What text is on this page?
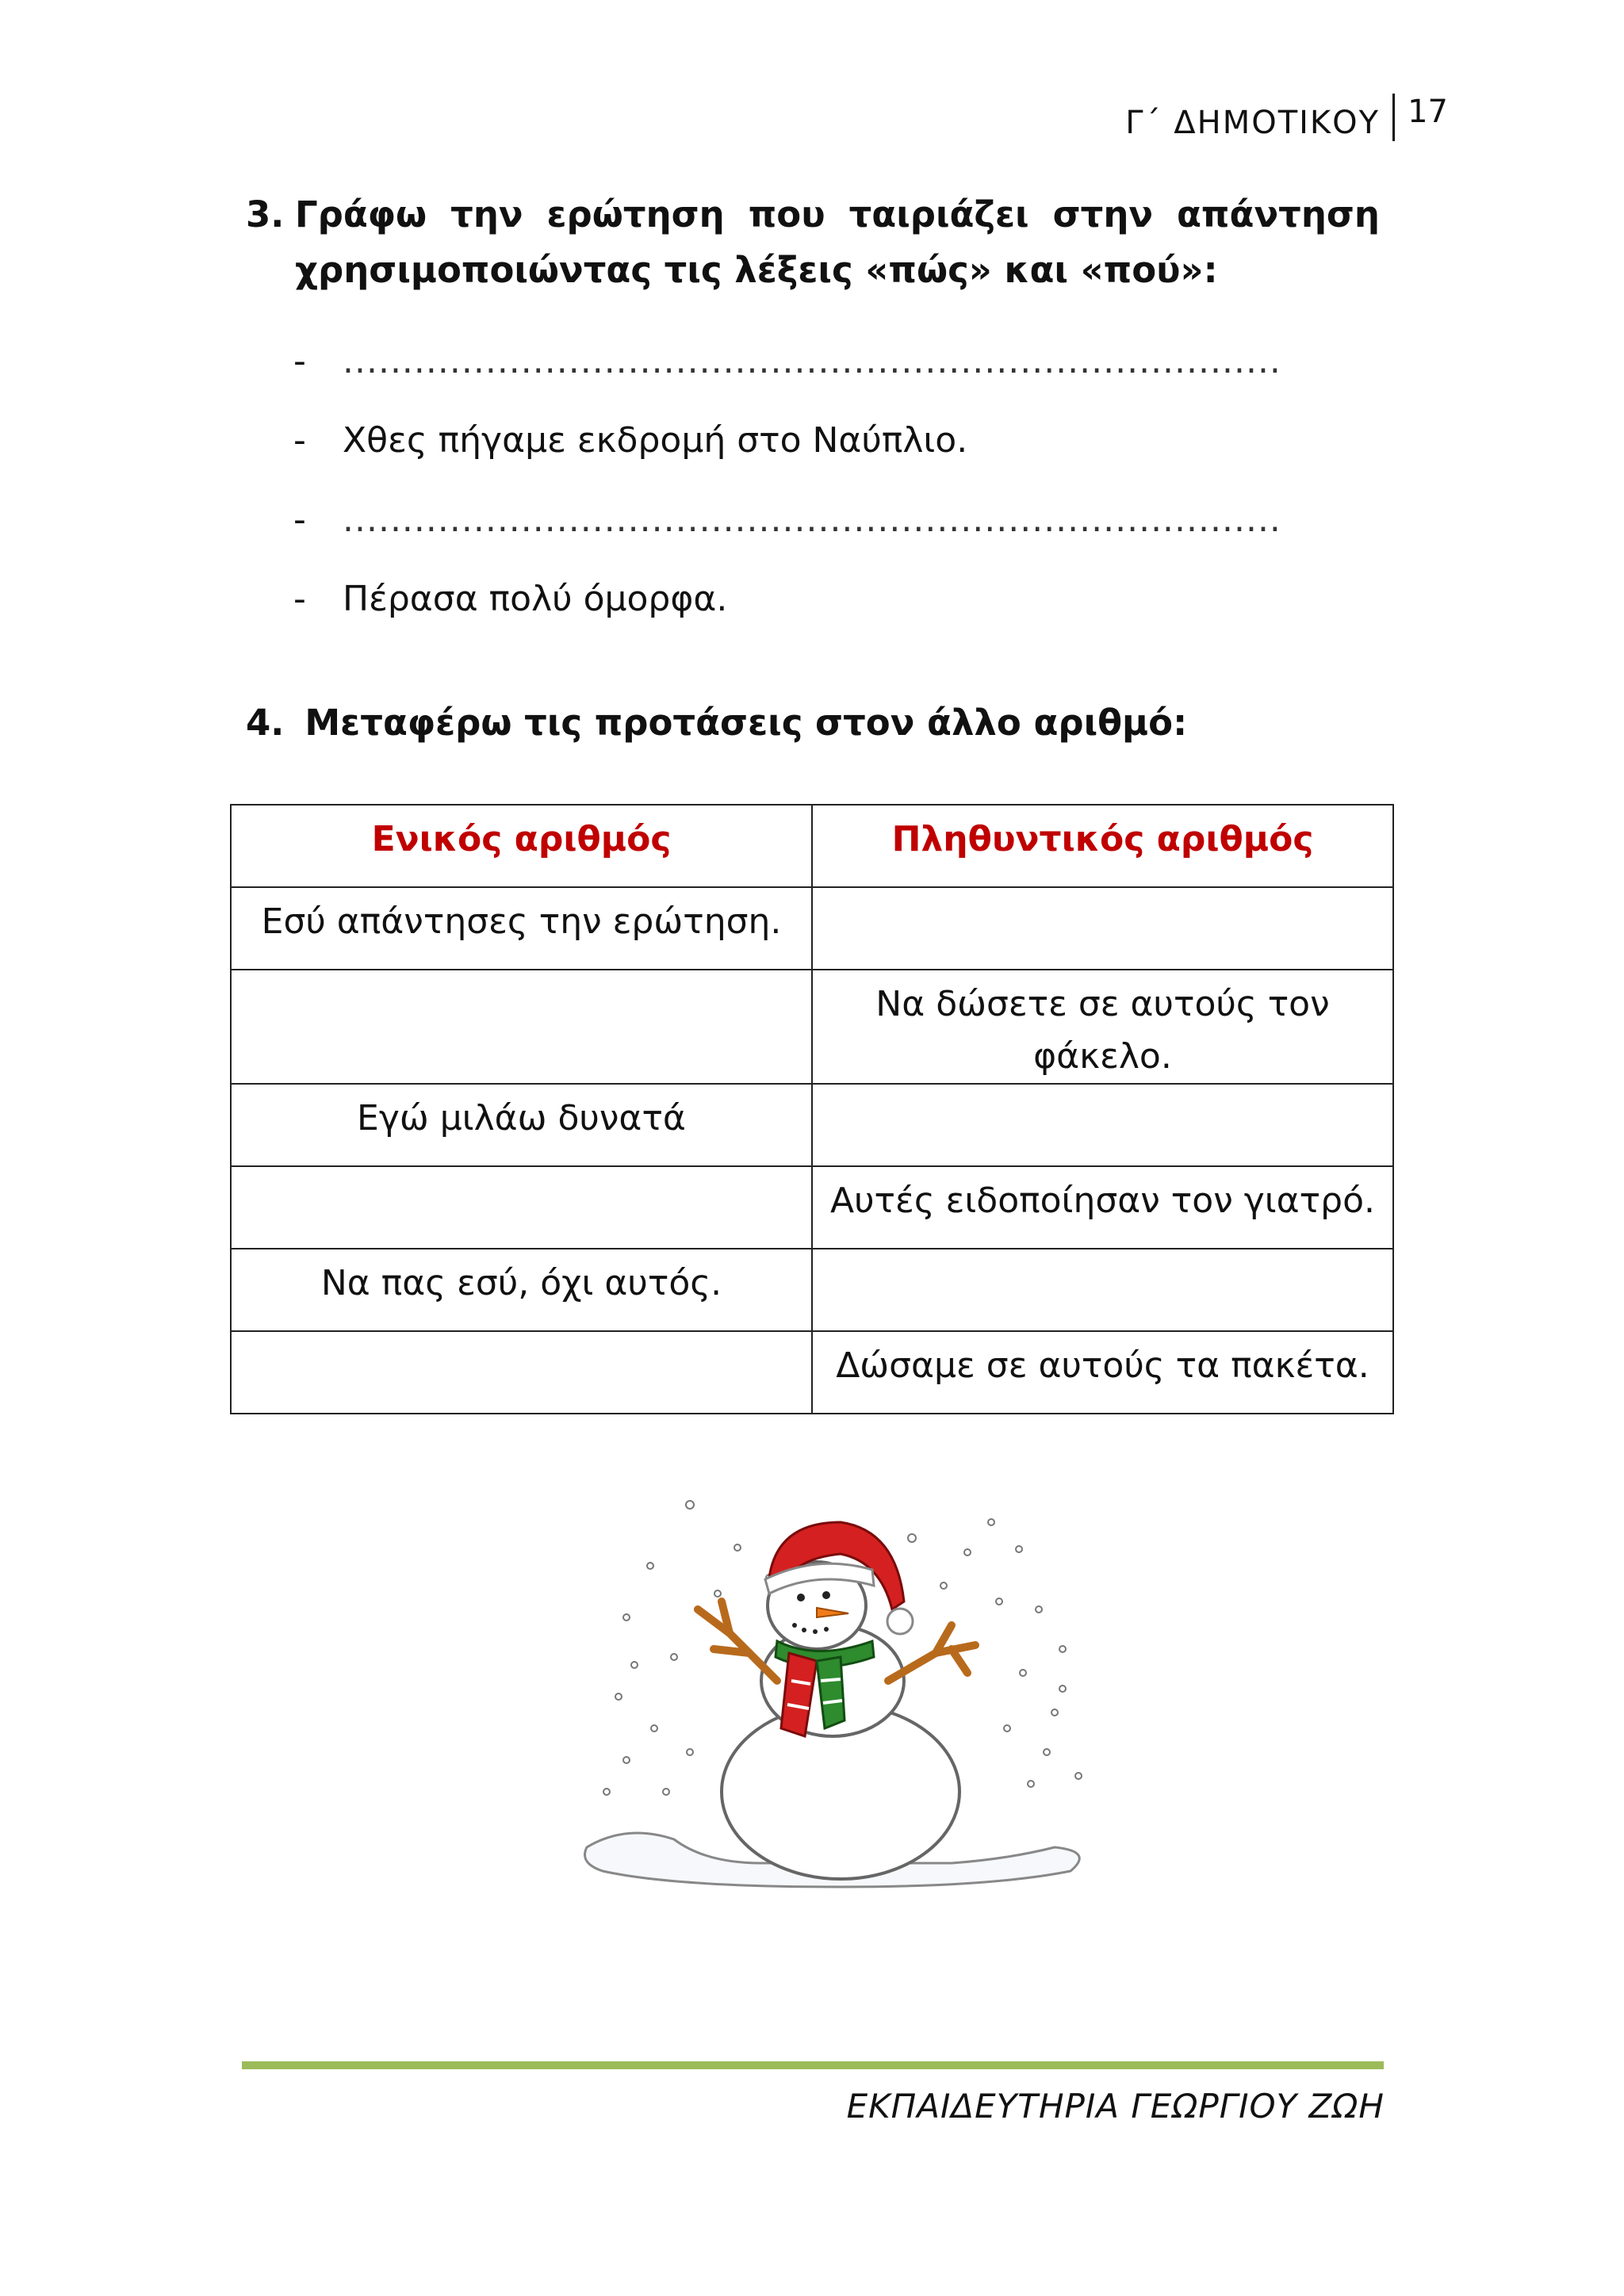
Γ΄ ΔΗΜΟΤΙΚΟΥ 17
3. Γράφω την ερώτηση που ταιριάζει στην απάντηση
χρησιμοποιώντας τις λέξεις «πώς» και «πού»:
- ...............................................................................
- Χθες πήγαμε εκδρομή στο Ναύπλιο.
- ...............................................................................
- Πέρασα πολύ όμορφα.
4. Μεταφέρω τις προτάσεις στον άλλο αριθμό:
Ενικός αριθμός	Πληθυντικός αριθμός
Εσύ απάντησες την ερώτηση.	
	Να δώσετε σε αυτούς τον φάκελο.
Εγώ μιλάω δυνατά	
	Αυτές ειδοποίησαν τον γιατρό.
Να πας εσύ, όχι αυτός.	
	Δώσαμε σε αυτούς τα πακέτα.
ΕΚΠΑΙΔΕΥΤΗΡΙΑ ΓΕΩΡΓΙΟΥ ΖΩΗ
